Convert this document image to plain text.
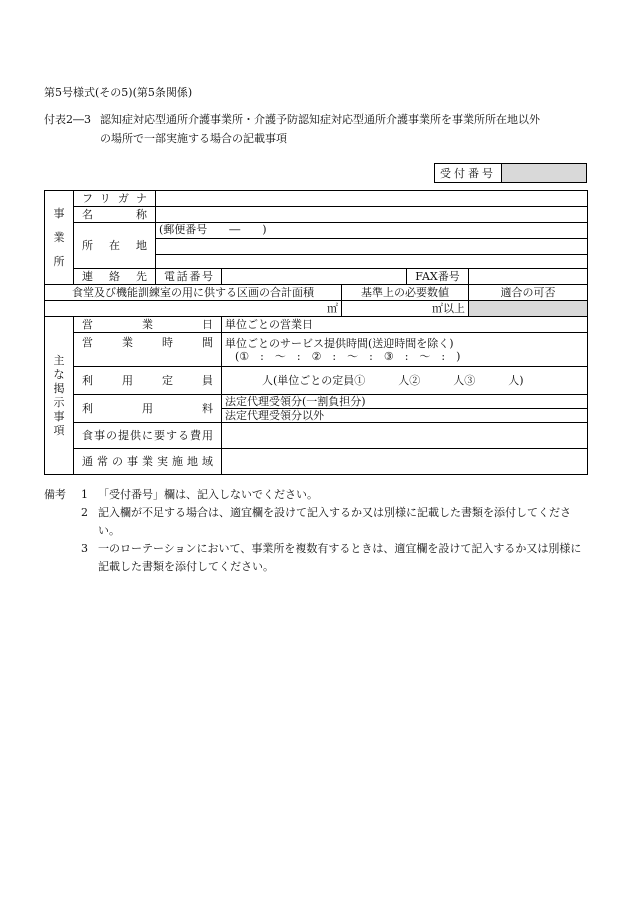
第5号様式(その5)(第5条関係)
付表2―3 認知症対応型通所介護事業所・介護予防認知症対応型通所介護事業所を事業所所在地以外
の場所で一部実施する場合の記載事項
受付番号
事業所	フリガナ					
	名　称					
	所在地	(郵便番号　　―　　)				

	連絡先	電話番号			FAX番号	
食堂及び機能訓練室の用に供する区画の合計面積				基準上の必要数値		適合の可否
㎡				㎡以上		
主な掲示事項	営業日		単位ごとの営業日			
	営業時間		単位ごとのサービス提供時間(送迎時間を除く)
(①　:　～　:　②　:　～　:　③　:　～　:　)			

	利用定員		人(単位ごとの定員①　　　人②　　　人③　　　人)			
	利用料		法定代理受領分(一割負担分)			
			法定代理受領分以外			
	食事の提供に要する費用					
	通常の事業実施地域					
備考 1 「受付番号」欄は、記入しないでください。
2 記入欄が不足する場合は、適宜欄を設けて記入するか又は別様に記載した書類を添付してください。
3 一のローテーションにおいて、事業所を複数有するときは、適宜欄を設けて記入するか又は別様に記載した書類を添付してください。
